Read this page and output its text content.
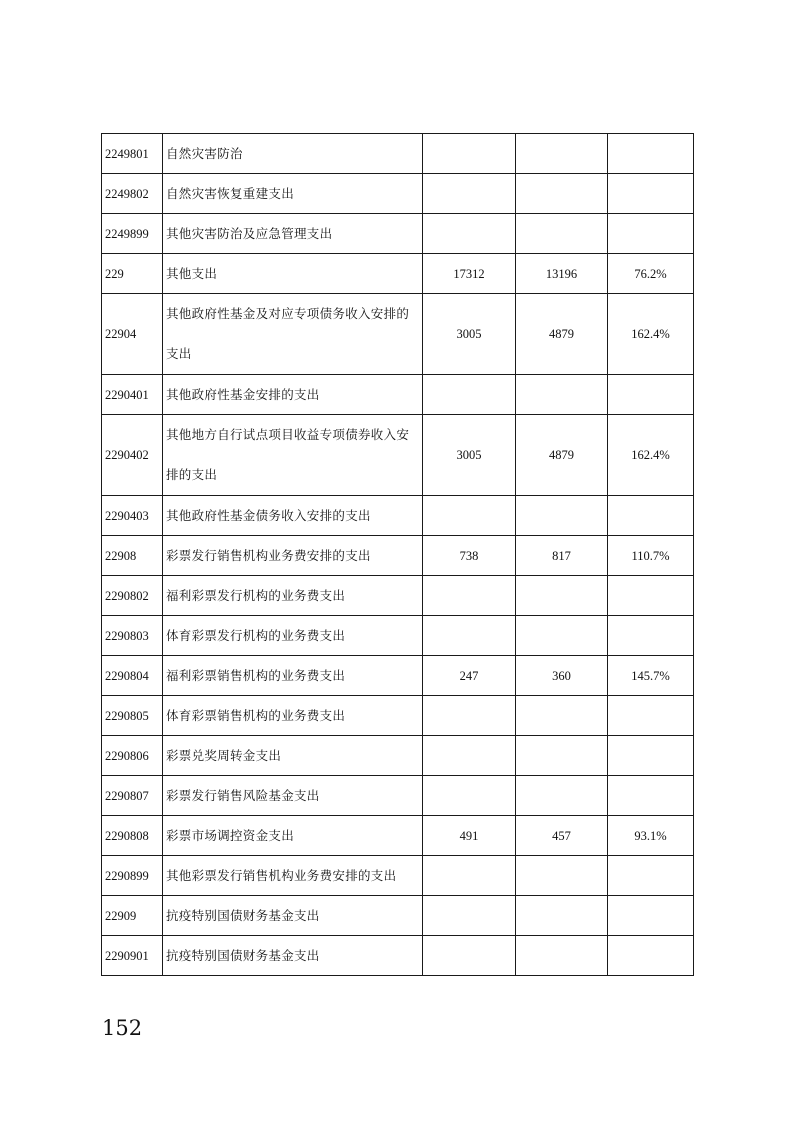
2249801	自然灾害防治			
2249802	自然灾害恢复重建支出			
2249899	其他灾害防治及应急管理支出			
229	其他支出	17312	13196	76.2%
22904	其他政府性基金及对应专项债务收入安排的支出	3005	4879	162.4%
2290401	其他政府性基金安排的支出			
2290402	其他地方自行试点项目收益专项债券收入安排的支出	3005	4879	162.4%
2290403	其他政府性基金债务收入安排的支出			
22908	彩票发行销售机构业务费安排的支出	738	817	110.7%
2290802	福利彩票发行机构的业务费支出			
2290803	体育彩票发行机构的业务费支出			
2290804	福利彩票销售机构的业务费支出	247	360	145.7%
2290805	体育彩票销售机构的业务费支出			
2290806	彩票兑奖周转金支出			
2290807	彩票发行销售风险基金支出			
2290808	彩票市场调控资金支出	491	457	93.1%
2290899	其他彩票发行销售机构业务费安排的支出			
22909	抗疫特别国债财务基金支出			
2290901	抗疫特别国债财务基金支出			
152
